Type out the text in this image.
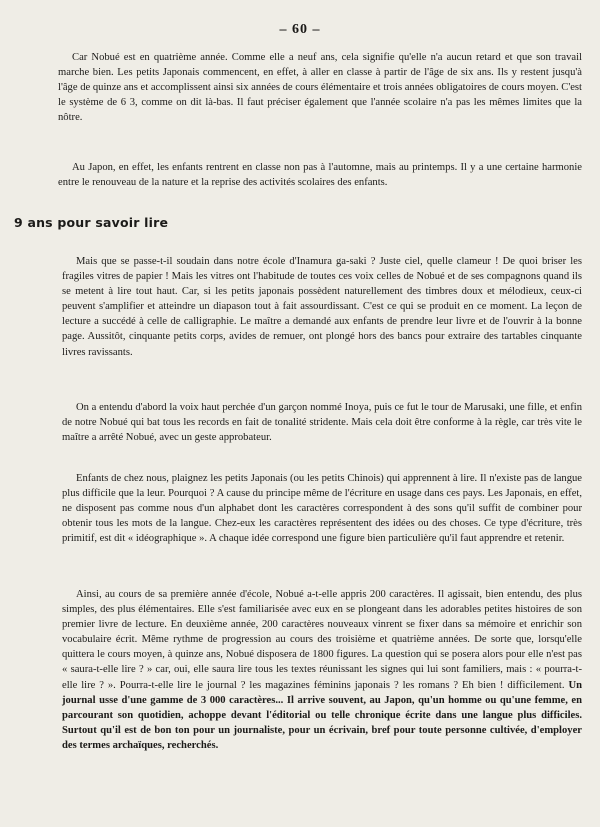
– 60 –

Car Nobué est en quatrième année. Comme elle a neuf ans, cela signifie qu'elle n'a aucun retard et que son travail marche bien. Les petits Japonais commencent, en effet, à aller en classe à partir de l'âge de six ans. Ils y restent jusqu'à l'âge de quinze ans et accomplissent ainsi six années de cours élémentaire et trois années obligatoires de cours moyen. C'est le système de 6 3, comme on dit là-bas. Il faut préciser également que l'année scolaire n'a pas les mêmes limites que la nôtre.

Au Japon, en effet, les enfants rentrent en classe non pas à l'automne, mais au printemps. Il y a une certaine harmonie entre le renouveau de la nature et la reprise des activités scolaires des enfants.

9 ans pour savoir lire

Mais que se passe-t-il soudain dans notre école d'Inamura ga-saki ? Juste ciel, quelle clameur ! De quoi briser les fragiles vitres de papier ! Mais les vitres ont l'habitude de toutes ces voix celles de Nobué et de ses compagnons quand ils se metent à lire tout haut. Car, si les petits japonais possèdent naturellement des timbres doux et mélodieux, ceux-ci peuvent s'amplifier et atteindre un diapason tout à fait assourdissant. C'est ce qui se produit en ce moment. La leçon de lecture a succédé à celle de calligraphie. Le maître a demandé aux enfants de prendre leur livre et de l'ouvrir à la bonne page. Aussitôt, cinquante petits corps, avides de remuer, ont plongé hors des bancs pour extraire des tartables cinquante livres ravissants.

On a entendu d'abord la voix haut perchée d'un garçon nommé Inoya, puis ce fut le tour de Marusaki, une fille, et enfin de notre Nobué qui bat tous les records en fait de tonalité stridente. Mais cela doit être conforme à la règle, car très vite le maître a arrêté Nobué, avec un geste approbateur.

Enfants de chez nous, plaignez les petits Japonais (ou les petits Chinois) qui apprennent à lire. Il n'existe pas de langue plus difficile que la leur. Pourquoi ? A cause du principe même de l'écriture en usage dans ces pays. Les Japonais, en effet, ne disposent pas comme nous d'un alphabet dont les caractères correspondent à des sons qu'il suffit de combiner pour obtenir tous les mots de la langue. Chez-eux les caractères représentent des idées ou des choses. Ce type d'écriture, très primitif, est dit « idéographique ». A chaque idée correspond une figure bien particulière qu'il faut apprendre et retenir.

Ainsi, au cours de sa première année d'école, Nobué a-t-elle appris 200 caractères. Il agissait, bien entendu, des plus simples, des plus élémentaires. Elle s'est familiarisée avec eux en se plongeant dans les adorables petites histoires de son premier livre de lecture. En deuxième année, 200 caractères nouveaux vinrent se fixer dans sa mémoire et enrichir son vocabulaire écrit. Même rythme de progression au cours des troisième et quatrième années. De sorte que, lorsqu'elle quittera le cours moyen, à quinze ans, Nobué disposera de 1800 figures. La question qui se posera alors pour elle n'est pas « saura-t-elle lire ? » car, oui, elle saura lire tous les textes réunissant les signes qui lui sont familiers, mais : « pourra-t-elle lire ? ». Pourra-t-elle lire le journal ? les magazines féminins japonais ? les romans ? Eh bien ! difficilement. Un journal usse d'une gamme de 3 000 caractères... Il arrive souvent, au Japon, qu'un homme ou qu'une femme, en parcourant son quotidien, achoppe devant l'éditorial ou telle chronique écrite dans une langue plus difficiles. Surtout qu'il est de bon ton pour un journaliste, pour un écrivain, bref pour toute personne cultivée, d'employer des termes archaïques, recherchés.
